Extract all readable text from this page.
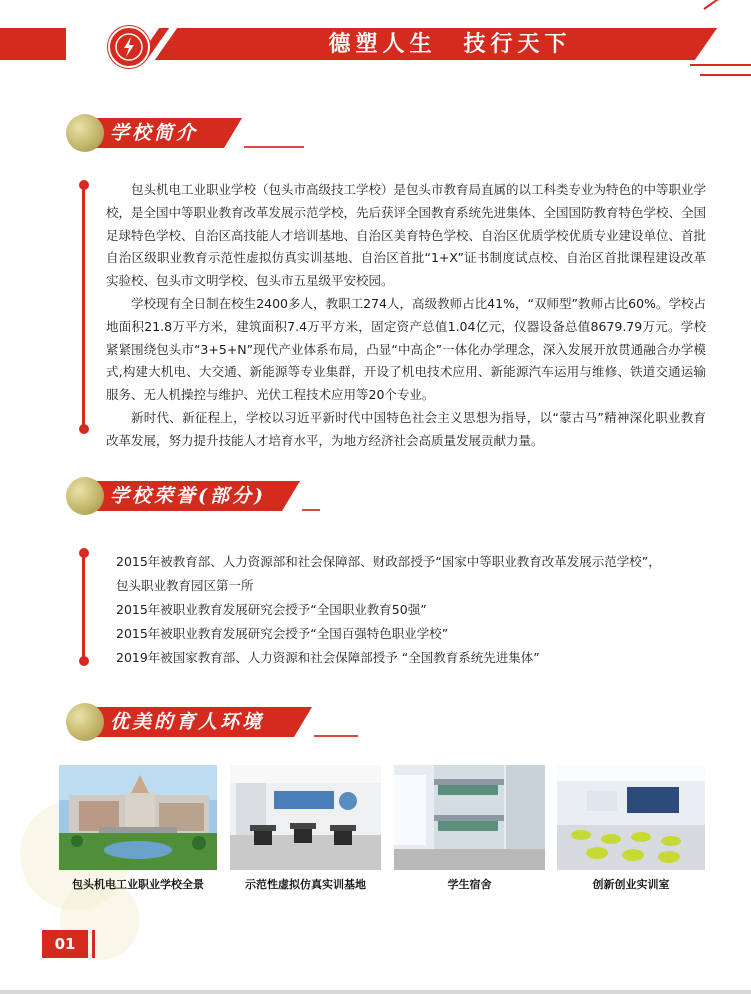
德塑人生　技行天下
学校简介

包头机电工业职业学校（包头市高级技工学校）是包头市教育局直属的以工科类专业为特色的中等职业学校，是全国中等职业教育改革发展示范学校，先后获评全国教育系统先进集体、全国国防教育特色学校、全国足球特色学校、自治区高技能人才培训基地、自治区美育特色学校、自治区优质学校优质专业建设单位、首批自治区级职业教育示范性虚拟仿真实训基地、自治区首批“1+X”证书制度试点校、自治区首批课程建设改革实验校、包头市文明学校、包头市五星级平安校园。

学校现有全日制在校生2400多人，教职工274人，高级教师占比41%，“双师型”教师占比60%。学校占地面积21.8万平方米，建筑面积7.4万平方米，固定资产总值1.04亿元，仪器设备总值8679.79万元。学校紧紧围绕包头市“3+5+N”现代产业体系布局，凸显“中高企”一体化办学理念，深入发展开放贯通融合办学模式,构建大机电、大交通、新能源等专业集群，开设了机电技术应用、新能源汽车运用与维修、铁道交通运输服务、无人机操控与维护、光伏工程技术应用等20个专业。

新时代、新征程上，学校以习近平新时代中国特色社会主义思想为指导，以“蒙古马”精神深化职业教育改革发展，努力提升技能人才培育水平，为地方经济社会高质量发展贡献力量。

学校荣誉(部分)
2015年被教育部、人力资源部和社会保障部、财政部授予“国家中等职业教育改革发展示范学校”，
包头职业教育园区第一所
2015年被职业教育发展研究会授予“全国职业教育50强”
2015年被职业教育发展研究会授予“全国百强特色职业学校”
2019年被国家教育部、人力资源和社会保障部授予 “全国教育系统先进集体”
优美的育人环境
包头机电工业职业学校全景	示范性虚拟仿真实训基地	学生宿舍	创新创业实训室
01
